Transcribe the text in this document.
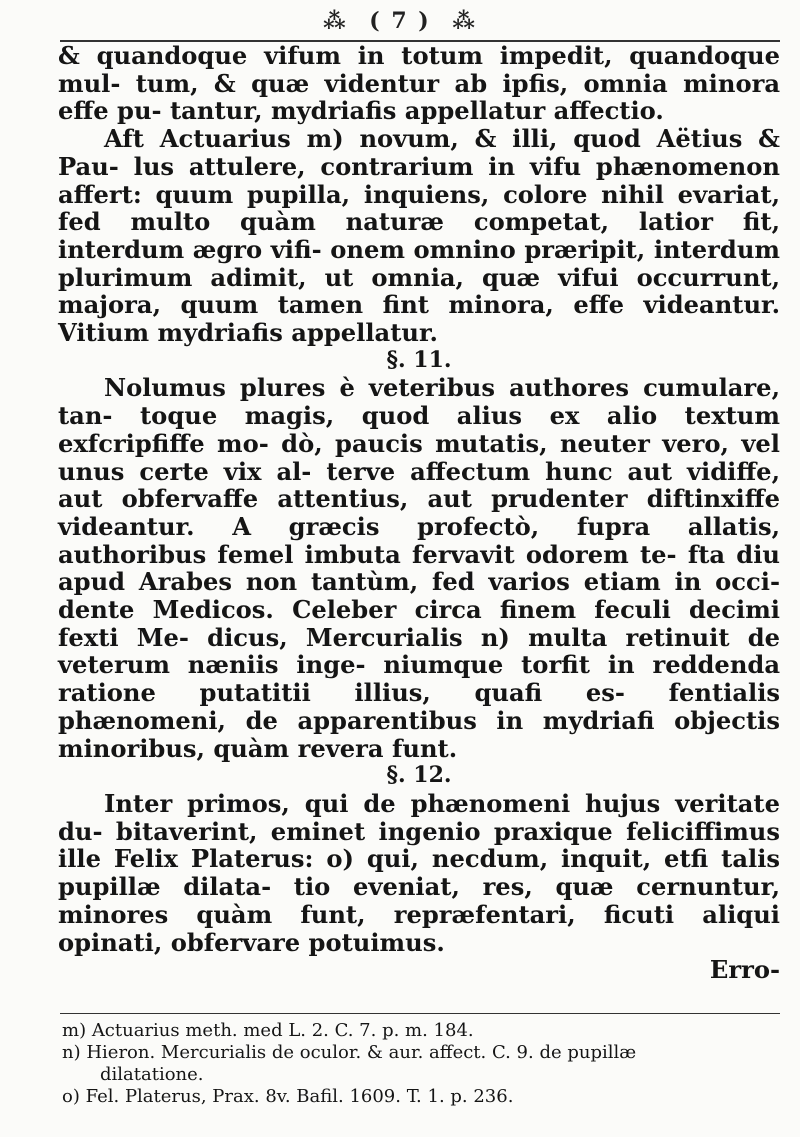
⁂ ( 7 ) ⁂

& quandoque vifum in totum impedit, quandoque mul- tum, & quæ videntur ab ipfis, omnia minora effe pu- tantur, mydriafis appellatur affectio.

Aft Actuarius m) novum, & illi, quod Aëtius & Pau- lus attulere, contrarium in vifu phænomenon affert: quum pupilla, inquiens, colore nihil evariat, fed multo quàm naturæ competat, latior fit, interdum ægro vifi- onem omnino præripit, interdum plurimum adimit, ut omnia, quæ vifui occurrunt, majora, quum tamen fint minora, effe videantur. Vitium mydriafis appellatur.

§. 11.

Nolumus plures è veteribus authores cumulare, tan- toque magis, quod alius ex alio textum exfcripfiffe mo- dò, paucis mutatis, neuter vero, vel unus certe vix al- terve affectum hunc aut vidiffe, aut obfervaffe attentius, aut prudenter diftinxiffe videantur. A græcis profectò, fupra allatis, authoribus femel imbuta fervavit odorem te- fta diu apud Arabes non tantùm, fed varios etiam in occi- dente Medicos. Celeber circa finem feculi decimi fexti Me- dicus, Mercurialis n) multa retinuit de veterum næniis inge- niumque torfit in reddenda ratione putatitii illius, quafi es- fentialis phænomeni, de apparentibus in mydriafi objectis minoribus, quàm revera funt.

§. 12.

Inter primos, qui de phænomeni hujus veritate du- bitaverint, eminet ingenio praxique feliciffimus ille Felix Platerus: o) qui, necdum, inquit, etfi talis pupillæ dilata- tio eveniat, res, quæ cernuntur, minores quàm funt, repræfentari, ficuti aliqui opinati, obfervare potuimus.

Erro-

m) Actuarius meth. med L. 2. C. 7. p. m. 184.

n) Hieron. Mercurialis de oculor. & aur. affect. C. 9. de pupillæ

dilatatione.

o) Fel. Platerus, Prax. 8v. Bafil. 1609. T. 1. p. 236.
